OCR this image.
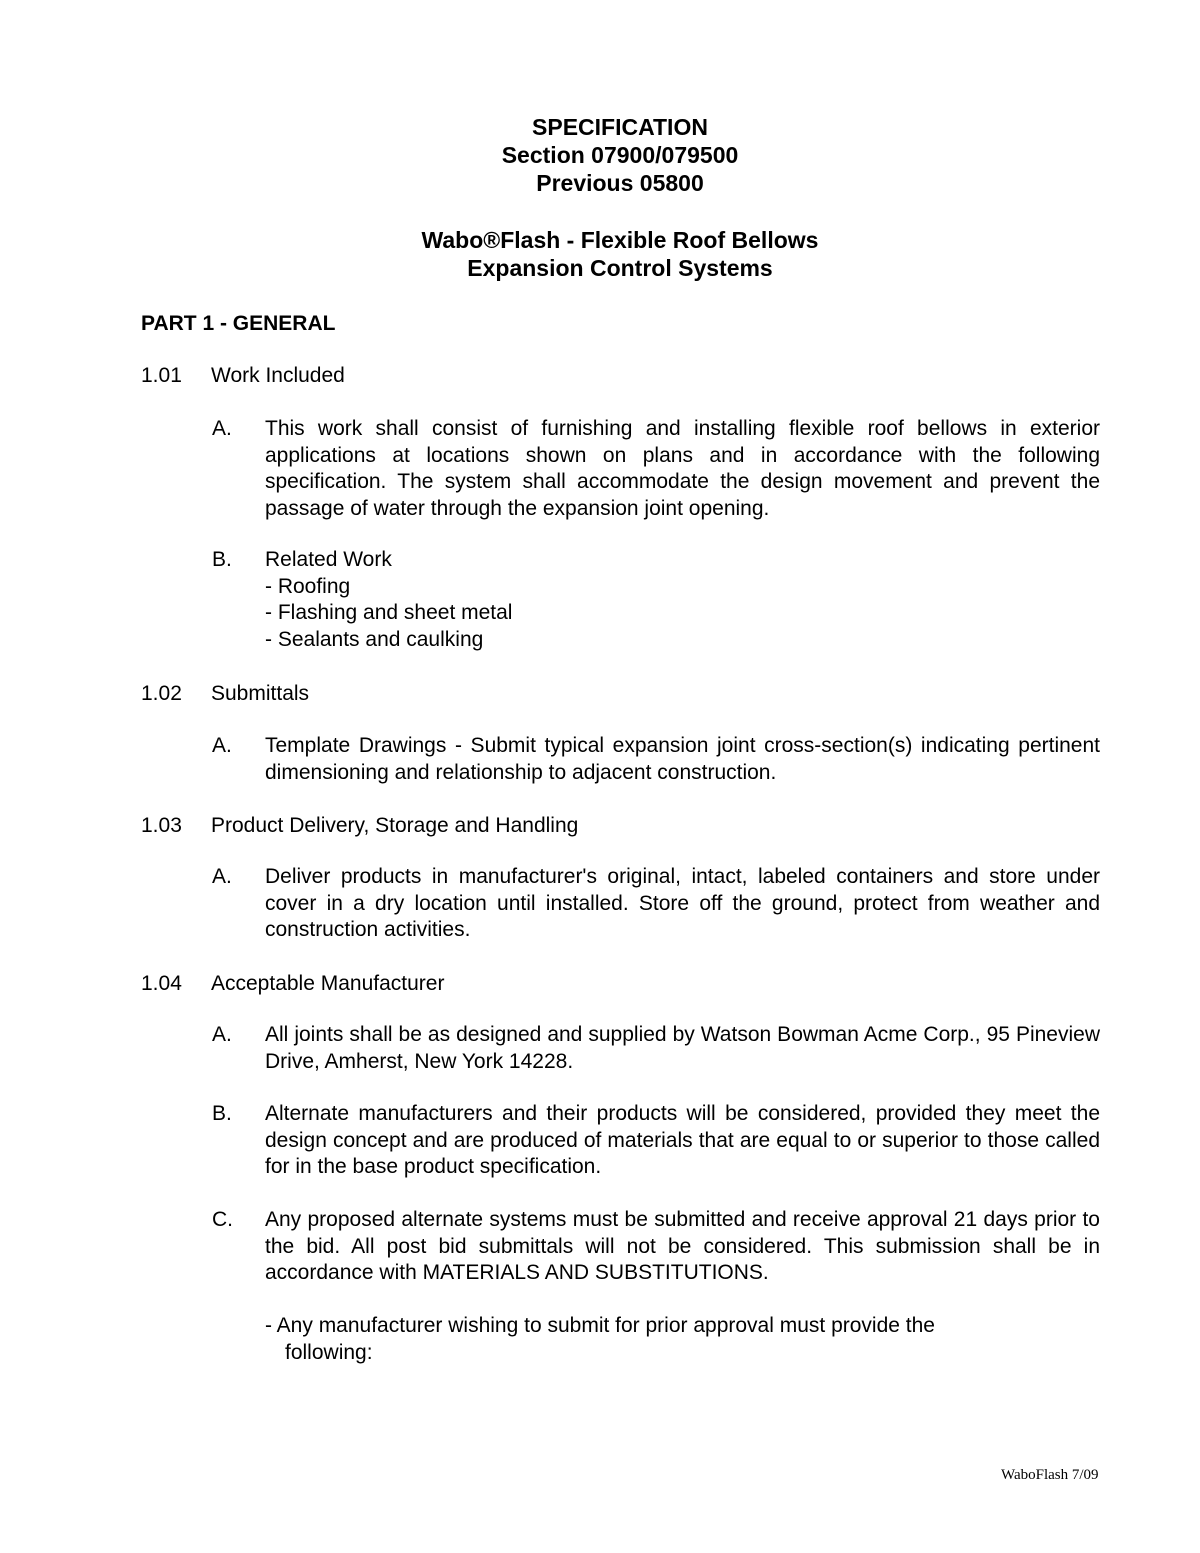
SPECIFICATION
Section 07900/079500
Previous 05800
Wabo®Flash - Flexible Roof Bellows
Expansion Control Systems
PART 1 - GENERAL
1.01 Work Included
A. This work shall consist of furnishing and installing flexible roof bellows in exterior applications at locations shown on plans and in accordance with the following specification. The system shall accommodate the design movement and prevent the passage of water through the expansion joint opening.
B. Related Work
- Roofing
- Flashing and sheet metal
- Sealants and caulking
1.02 Submittals
A. Template Drawings - Submit typical expansion joint cross-section(s) indicating pertinent dimensioning and relationship to adjacent construction.
1.03 Product Delivery, Storage and Handling
A. Deliver products in manufacturer's original, intact, labeled containers and store under cover in a dry location until installed. Store off the ground, protect from weather and construction activities.
1.04 Acceptable Manufacturer
A. All joints shall be as designed and supplied by Watson Bowman Acme Corp., 95 Pineview Drive, Amherst, New York 14228.
B. Alternate manufacturers and their products will be considered, provided they meet the design concept and are produced of materials that are equal to or superior to those called for in the base product specification.
C. Any proposed alternate systems must be submitted and receive approval 21 days prior to the bid. All post bid submittals will not be considered. This submission shall be in accordance with MATERIALS AND SUBSTITUTIONS.
- Any manufacturer wishing to submit for prior approval must provide the
following:
WaboFlash 7/09
